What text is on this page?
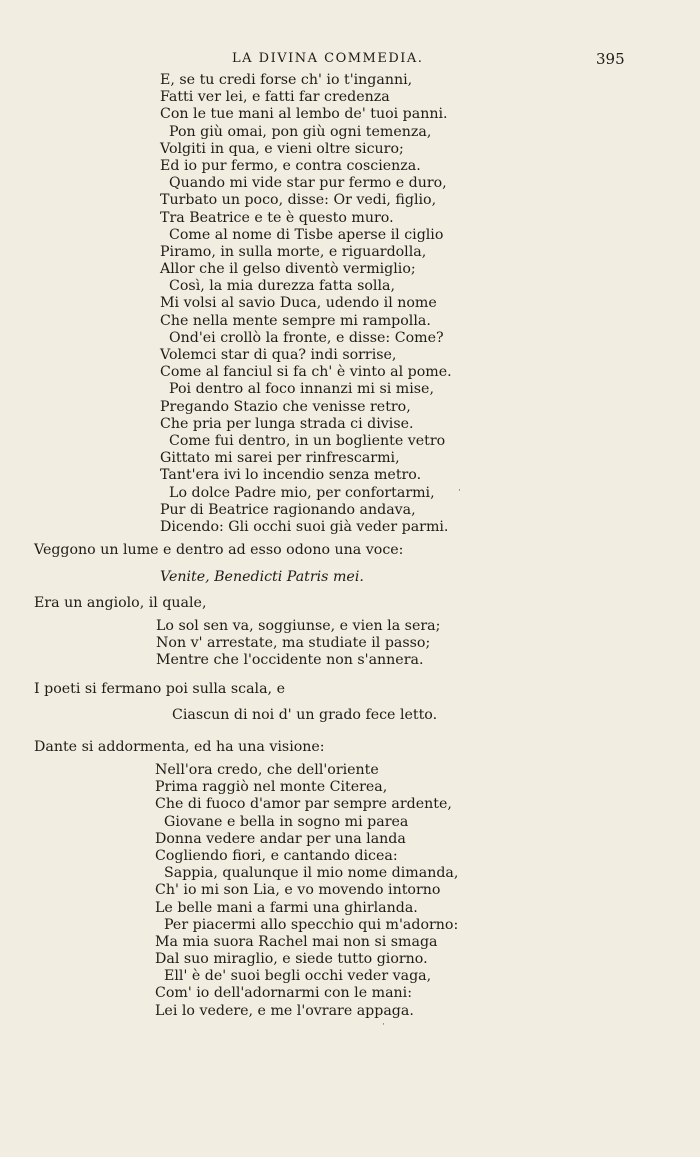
LA DIVINA COMMEDIA.	395
E, se tu credi forse ch' io t'inganni,
Fatti ver lei, e fatti far credenza
Con le tue mani al lembo de' tuoi panni.
Pon giù omai, pon giù ogni temenza,
Volgiti in qua, e vieni oltre sicuro;
Ed io pur fermo, e contra coscienza.
Quando mi vide star pur fermo e duro,
Turbato un poco, disse: Or vedi, figlio,
Tra Beatrice e te è questo muro.
Come al nome di Tisbe aperse il ciglio
Piramo, in sulla morte, e riguardolla,
Allor che il gelso diventò vermiglio;
Così, la mia durezza fatta solla,
Mi volsi al savio Duca, udendo il nome
Che nella mente sempre mi rampolla.
Ond'ei crollò la fronte, e disse: Come?
Volemci star di qua? indi sorrise,
Come al fanciul si fa ch' è vinto al pome.
Poi dentro al foco innanzi mi si mise,
Pregando Stazio che venisse retro,
Che pria per lunga strada ci divise.
Come fui dentro, in un bogliente vetro
Gittato mi sarei per rinfrescarmi,
Tant'era ivi lo incendio senza metro.
Lo dolce Padre mio, per confortarmi,
Pur di Beatrice ragionando andava,
Dicendo: Gli occhi suoi già veder parmi.
Veggono un lume e dentro ad esso odono una voce:
Venite, Benedicti Patris mei.
Era un angiolo, il quale,
Lo sol sen va, soggiunse, e vien la sera;
Non v' arrestate, ma studiate il passo;
Mentre che l'occidente non s'annera.
I poeti si fermano poi sulla scala, e
Ciascun di noi d' un grado fece letto.
Dante si addormenta, ed ha una visione:
Nell'ora credo, che dell'oriente
Prima raggiò nel monte Citerea,
Che di fuoco d'amor par sempre ardente,
Giovane e bella in sogno mi parea
Donna vedere andar per una landa
Cogliendo fiori, e cantando dicea:
Sappia, qualunque il mio nome dimanda,
Ch' io mi son Lia, e vo movendo intorno
Le belle mani a farmi una ghirlanda.
Per piacermi allo specchio qui m'adorno:
Ma mia suora Rachel mai non si smaga
Dal suo miraglio, e siede tutto giorno.
Ell' è de' suoi begli occhi veder vaga,
Com' io dell'adornarmi con le mani:
Lei lo vedere, e me l'ovrare appaga.
·
·
